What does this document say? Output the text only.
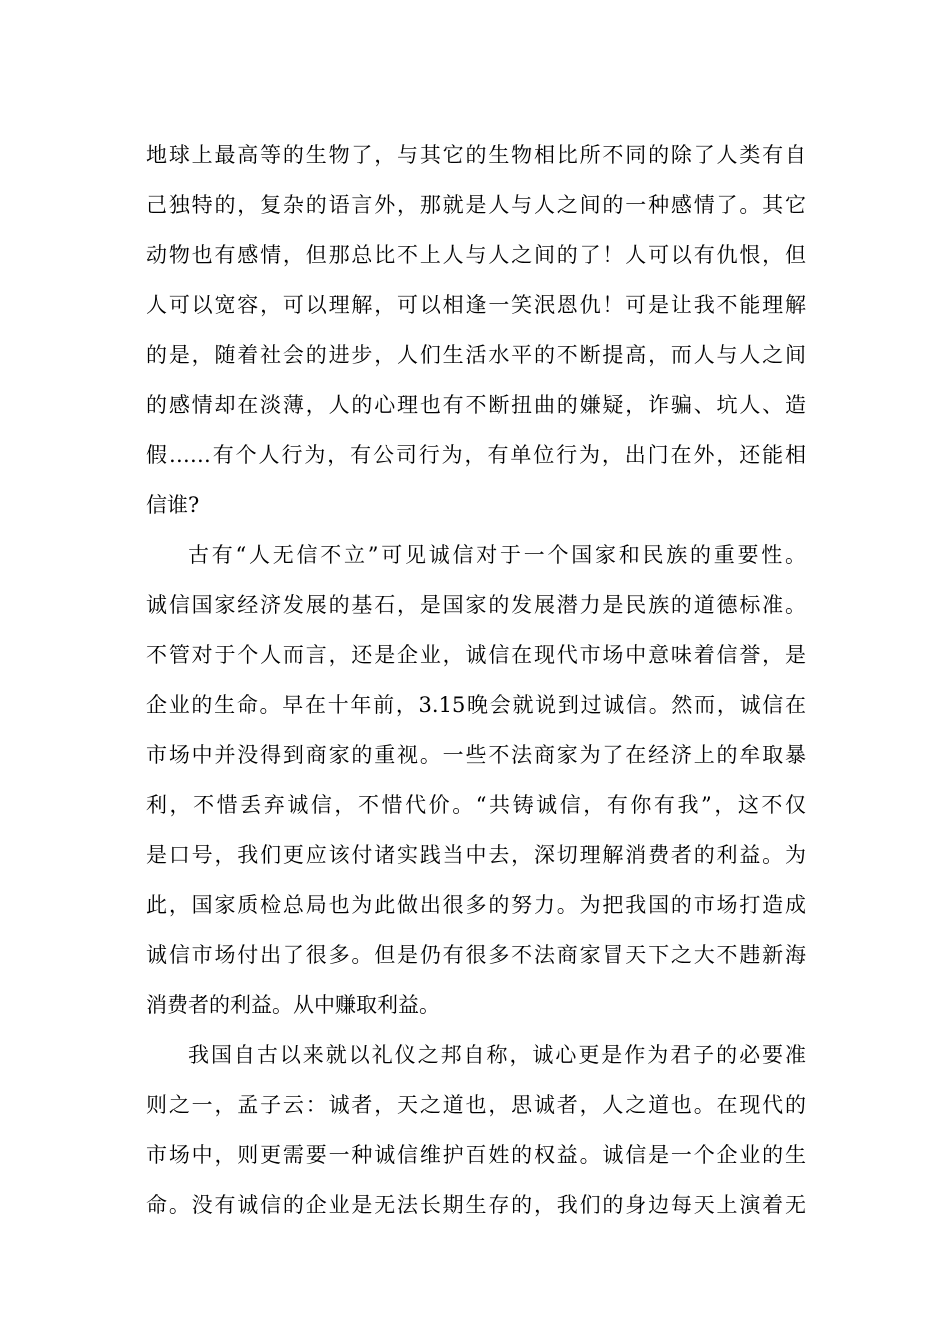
地球上最高等的生物了，与其它的生物相比所不同的除了人类有自
己独特的，复杂的语言外，那就是人与人之间的一种感情了。其它
动物也有感情，但那总比不上人与人之间的了！人可以有仇恨，但
人可以宽容，可以理解，可以相逢一笑泯恩仇！可是让我不能理解
的是，随着社会的进步，人们生活水平的不断提高，而人与人之间
的感情却在淡薄，人的心理也有不断扭曲的嫌疑，诈骗、坑人、造
假……有个人行为，有公司行为，有单位行为，出门在外，还能相
信谁?
古有“人无信不立”可见诚信对于一个国家和民族的重要性。
诚信国家经济发展的基石，是国家的发展潜力是民族的道德标准。
不管对于个人而言，还是企业，诚信在现代市场中意味着信誉，是
企业的生命。早在十年前，3.15晚会就说到过诚信。然而，诚信在
市场中并没得到商家的重视。一些不法商家为了在经济上的牟取暴
利，不惜丢弃诚信，不惜代价。“共铸诚信，有你有我”，这不仅
是口号，我们更应该付诸实践当中去，深切理解消费者的利益。为
此，国家质检总局也为此做出很多的努力。为把我国的市场打造成
诚信市场付出了很多。但是仍有很多不法商家冒天下之大不韪新海
消费者的利益。从中赚取利益。
我国自古以来就以礼仪之邦自称，诚心更是作为君子的必要准
则之一，孟子云：诚者，天之道也，思诚者，人之道也。在现代的
市场中，则更需要一种诚信维护百姓的权益。诚信是一个企业的生
命。没有诚信的企业是无法长期生存的，我们的身边每天上演着无
